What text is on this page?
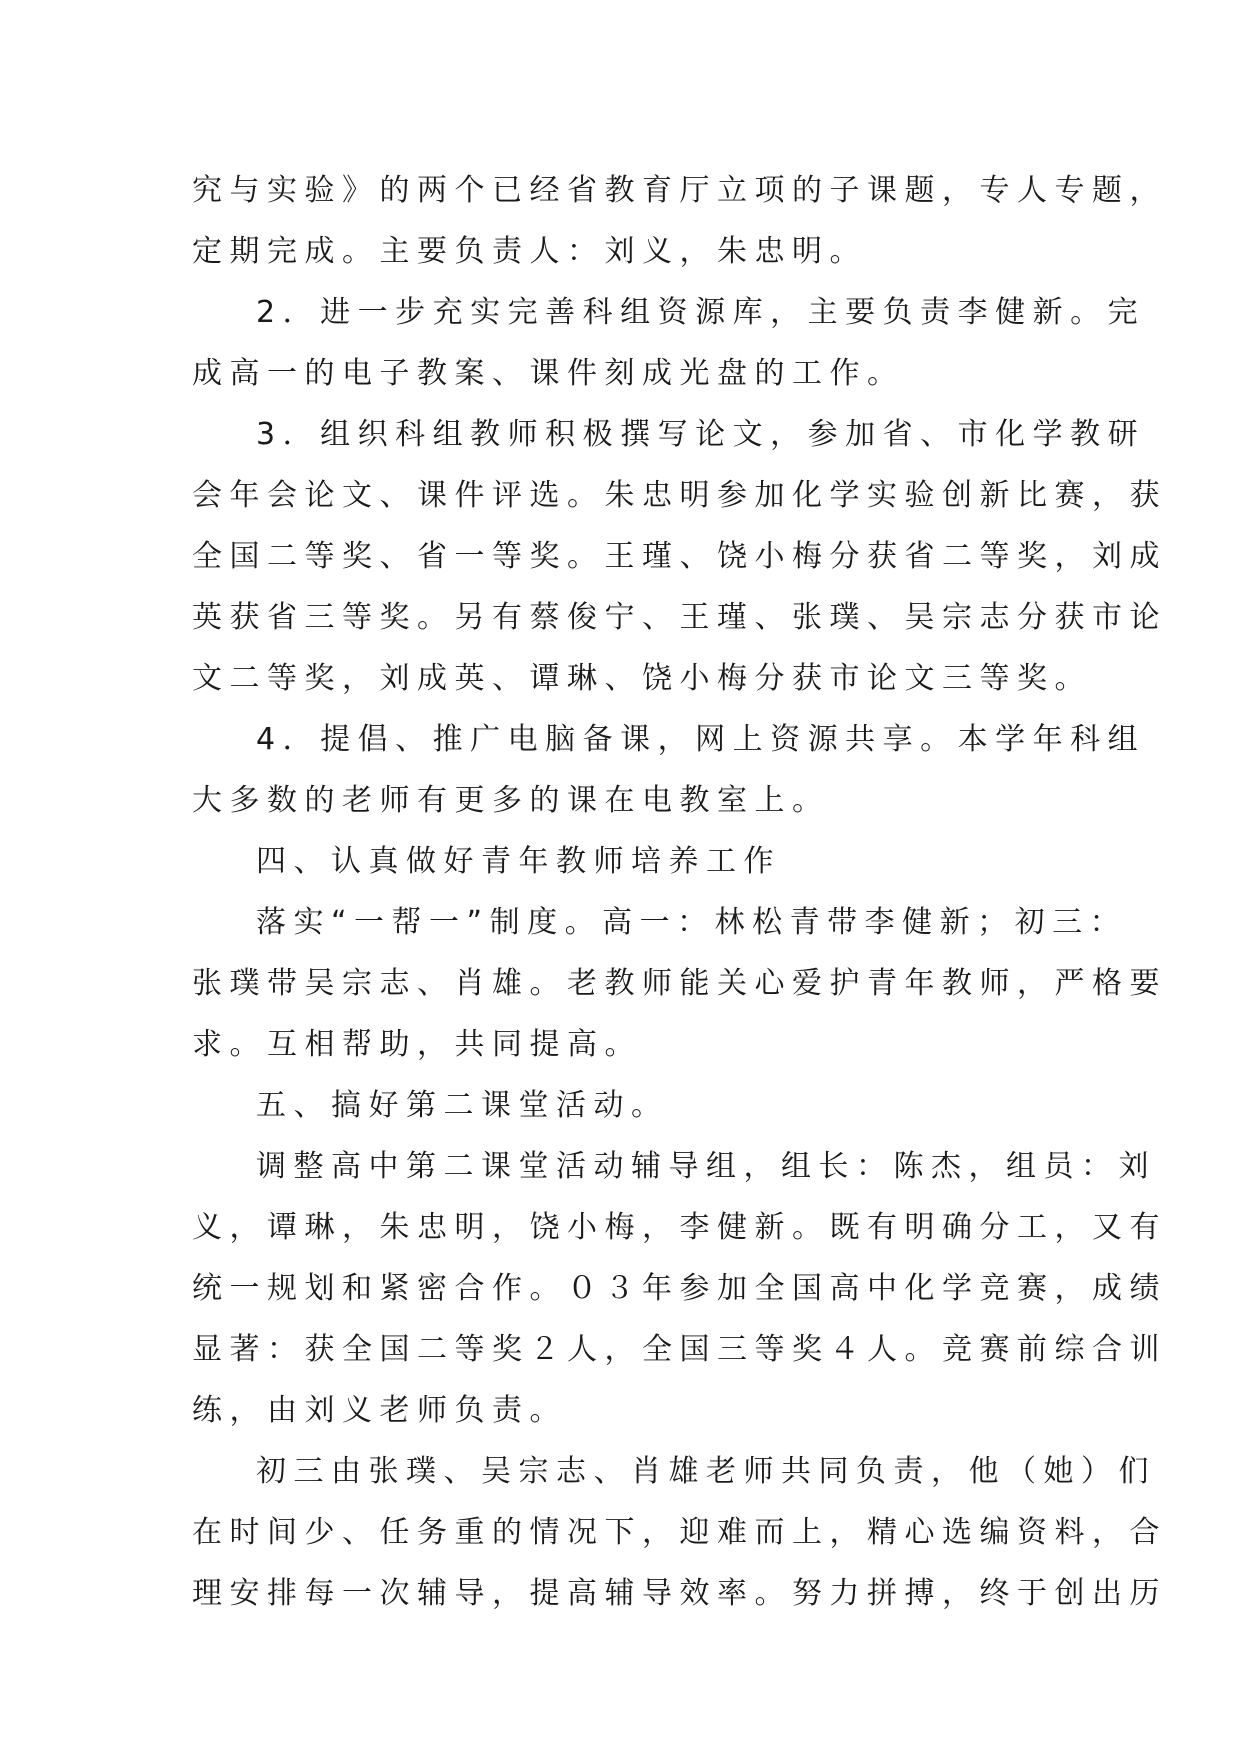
究与实验》的两个已经省教育厅立项的子课题，专人专题，
定期完成。主要负责人：刘义，朱忠明。
2．进一步充实完善科组资源库，主要负责李健新。完
成高一的电子教案、课件刻成光盘的工作。
3．组织科组教师积极撰写论文，参加省、市化学教研
会年会论文、课件评选。朱忠明参加化学实验创新比赛，获
全国二等奖、省一等奖。王瑾、饶小梅分获省二等奖，刘成
英获省三等奖。另有蔡俊宁、王瑾、张璞、吴宗志分获市论
文二等奖，刘成英、谭琳、饶小梅分获市论文三等奖。
4．提倡、推广电脑备课，网上资源共享。本学年科组
大多数的老师有更多的课在电教室上。
四、认真做好青年教师培养工作
落实“一帮一”制度。高一：林松青带李健新；初三：
张璞带吴宗志、肖雄。老教师能关心爱护青年教师，严格要
求。互相帮助，共同提高。
五、搞好第二课堂活动。
调整高中第二课堂活动辅导组，组长：陈杰，组员：刘
义，谭琳，朱忠明，饶小梅，李健新。既有明确分工，又有
统一规划和紧密合作。０３年参加全国高中化学竞赛，成绩
显著：获全国二等奖２人，全国三等奖４人。竞赛前综合训
练，由刘义老师负责。
初三由张璞、吴宗志、肖雄老师共同负责，他（她）们
在时间少、任务重的情况下，迎难而上，精心选编资料，合
理安排每一次辅导，提高辅导效率。努力拼搏，终于创出历
